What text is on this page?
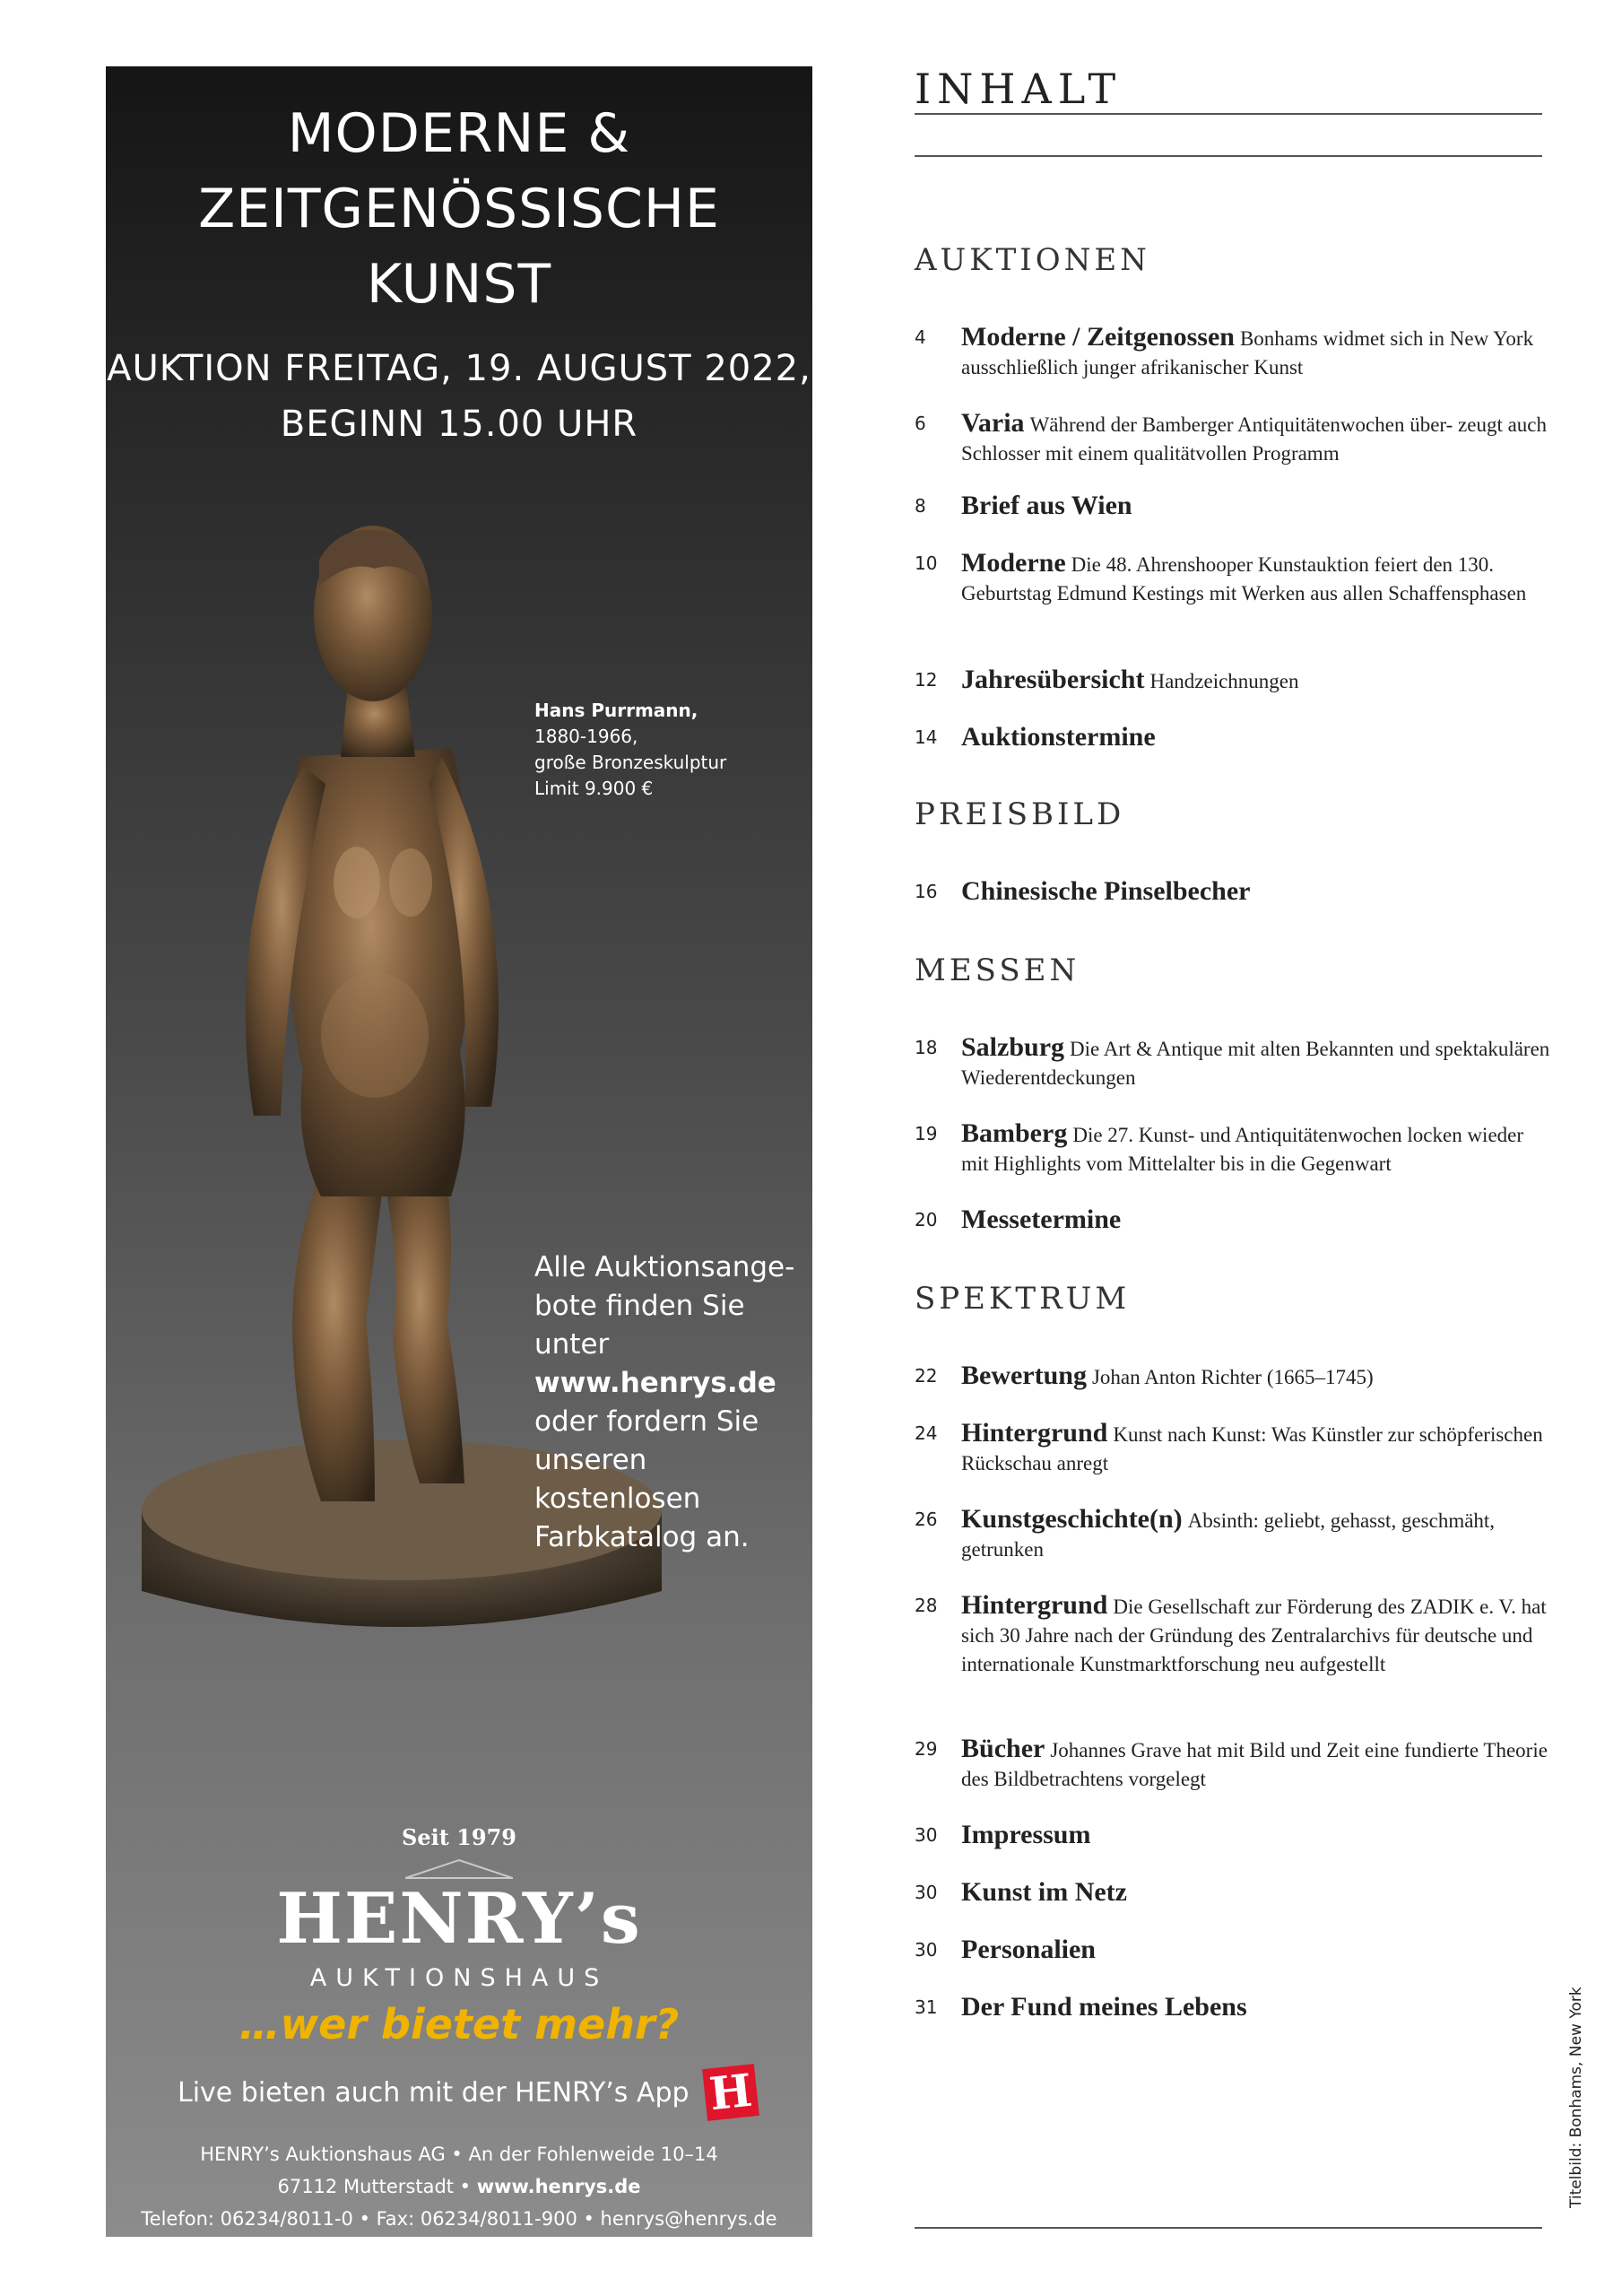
MODERNE &
ZEITGENÖSSISCHE
KUNST

AUKTION FREITAG, 19. AUGUST 2022,

BEGINN 15.00 UHR

Hans Purrmann,
1880-1966,
große Bronzeskulptur
Limit 9.900 €
Alle Auktionsange-
bote finden Sie unter
www.henrys.de
oder fordern Sie
unseren kostenlosen
Farbkatalog an.
Seit 1979
HENRY’s
AUKTIONSHAUS
…wer bietet mehr?
Live bieten auch mit der HENRY’s App H
HENRY’s Auktionshaus AG • An der Fohlenweide 10–14
67112 Mutterstadt • www.henrys.de
Telefon: 06234/8011-0 • Fax: 06234/8011-900 • henrys@henrys.de
INHALT
AUKTIONEN
4	Moderne / Zeitgenossen Bonhams widmet sich in New York ausschließlich junger afrikanischer Kunst
6	Varia Während der Bamberger Antiquitätenwochen über- zeugt auch Schlosser mit einem qualitätvollen Programm
8	Brief aus Wien
10 Moderne Die 48. Ahrenshooper Kunstauktion feiert den 130. Geburtstag Edmund Kestings mit Werken aus allen Schaffensphasen
12 Jahresübersicht Handzeichnungen
14 Auktionstermine
PREISBILD
16 Chinesische Pinselbecher
MESSEN
18 Salzburg Die Art & Antique mit alten Bekannten und spektakulären Wiederentdeckungen
19 Bamberg Die 27. Kunst- und Antiquitätenwochen locken wieder mit Highlights vom Mittelalter bis in die Gegenwart
20 Messetermine
SPEKTRUM
22 Bewertung Johan Anton Richter (1665–1745)
24 Hintergrund Kunst nach Kunst: Was Künstler zur schöpferischen Rückschau anregt
26 Kunstgeschichte(n) Absinth: geliebt, gehasst, geschmäht, getrunken
28 Hintergrund Die Gesellschaft zur Förderung des ZADIK e. V. hat sich 30 Jahre nach der Gründung des Zentralarchivs für deutsche und internationale Kunstmarktforschung neu aufgestellt
29 Bücher Johannes Grave hat mit Bild und Zeit eine fundierte Theorie des Bildbetrachtens vorgelegt
30 Impressum
30 Kunst im Netz
30 Personalien
31 Der Fund meines Lebens	Titelbild: Bonhams, New York
